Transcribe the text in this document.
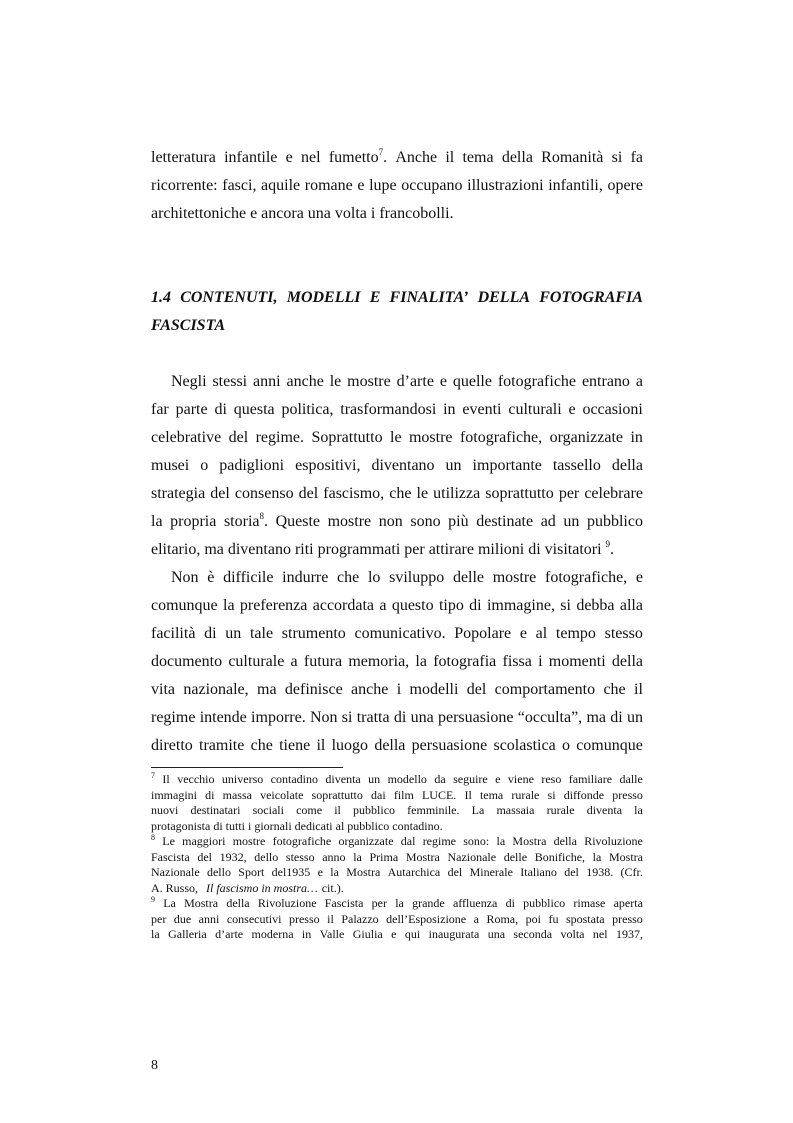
letteratura infantile e nel fumetto$^7$. Anche il tema della Romanità si fa
ricorrente: fasci, aquile romane e lupe occupano illustrazioni infantili, opere
architettoniche e ancora una volta i francobolli.
1.4 CONTENUTI, MODELLI E FINALITA’ DELLA FOTOGRAFIA
FASCISTA
Negli stessi anni anche le mostre d’arte e quelle fotografiche entrano a
far parte di questa politica, trasformandosi in eventi culturali e occasioni
celebrative del regime. Soprattutto le mostre fotografiche, organizzate in
musei o padiglioni espositivi, diventano un importante tassello della
strategia del consenso del fascismo, che le utilizza soprattutto per celebrare
la propria storia$^8$. Queste mostre non sono più destinate ad un pubblico
elitario, ma diventano riti programmati per attirare milioni di visitatori $^9$.
Non è difficile indurre che lo sviluppo delle mostre fotografiche, e
comunque la preferenza accordata a questo tipo di immagine, si debba alla
facilità di un tale strumento comunicativo. Popolare e al tempo stesso
documento culturale a futura memoria, la fotografia fissa i momenti della
vita nazionale, ma definisce anche i modelli del comportamento che il
regime intende imporre. Non si tratta di una persuasione “occulta”, ma di un
diretto tramite che tiene il luogo della persuasione scolastica o comunque
$^7$ Il vecchio universo contadino diventa un modello da seguire e viene reso familiare dalle
immagini di massa veicolate soprattutto dai film LUCE. Il tema rurale si diffonde presso
nuovi destinatari sociali come il pubblico femminile. La massaia rurale diventa la
protagonista di tutti i giornali dedicati al pubblico contadino.
$^8$ Le maggiori mostre fotografiche organizzate dal regime sono: la Mostra della Rivoluzione
Fascista del 1932, dello stesso anno la Prima Mostra Nazionale delle Bonifiche, la Mostra
Nazionale dello Sport del1935 e la Mostra Autarchica del Minerale Italiano del 1938. (Cfr.
A. Russo, Il fascismo in mostra… cit.).
$^9$ La Mostra della Rivoluzione Fascista per la grande affluenza di pubblico rimase aperta
per due anni consecutivi presso il Palazzo dell’Esposizione a Roma, poi fu spostata presso
la Galleria d’arte moderna in Valle Giulia e qui inaugurata una seconda volta nel 1937,
8
